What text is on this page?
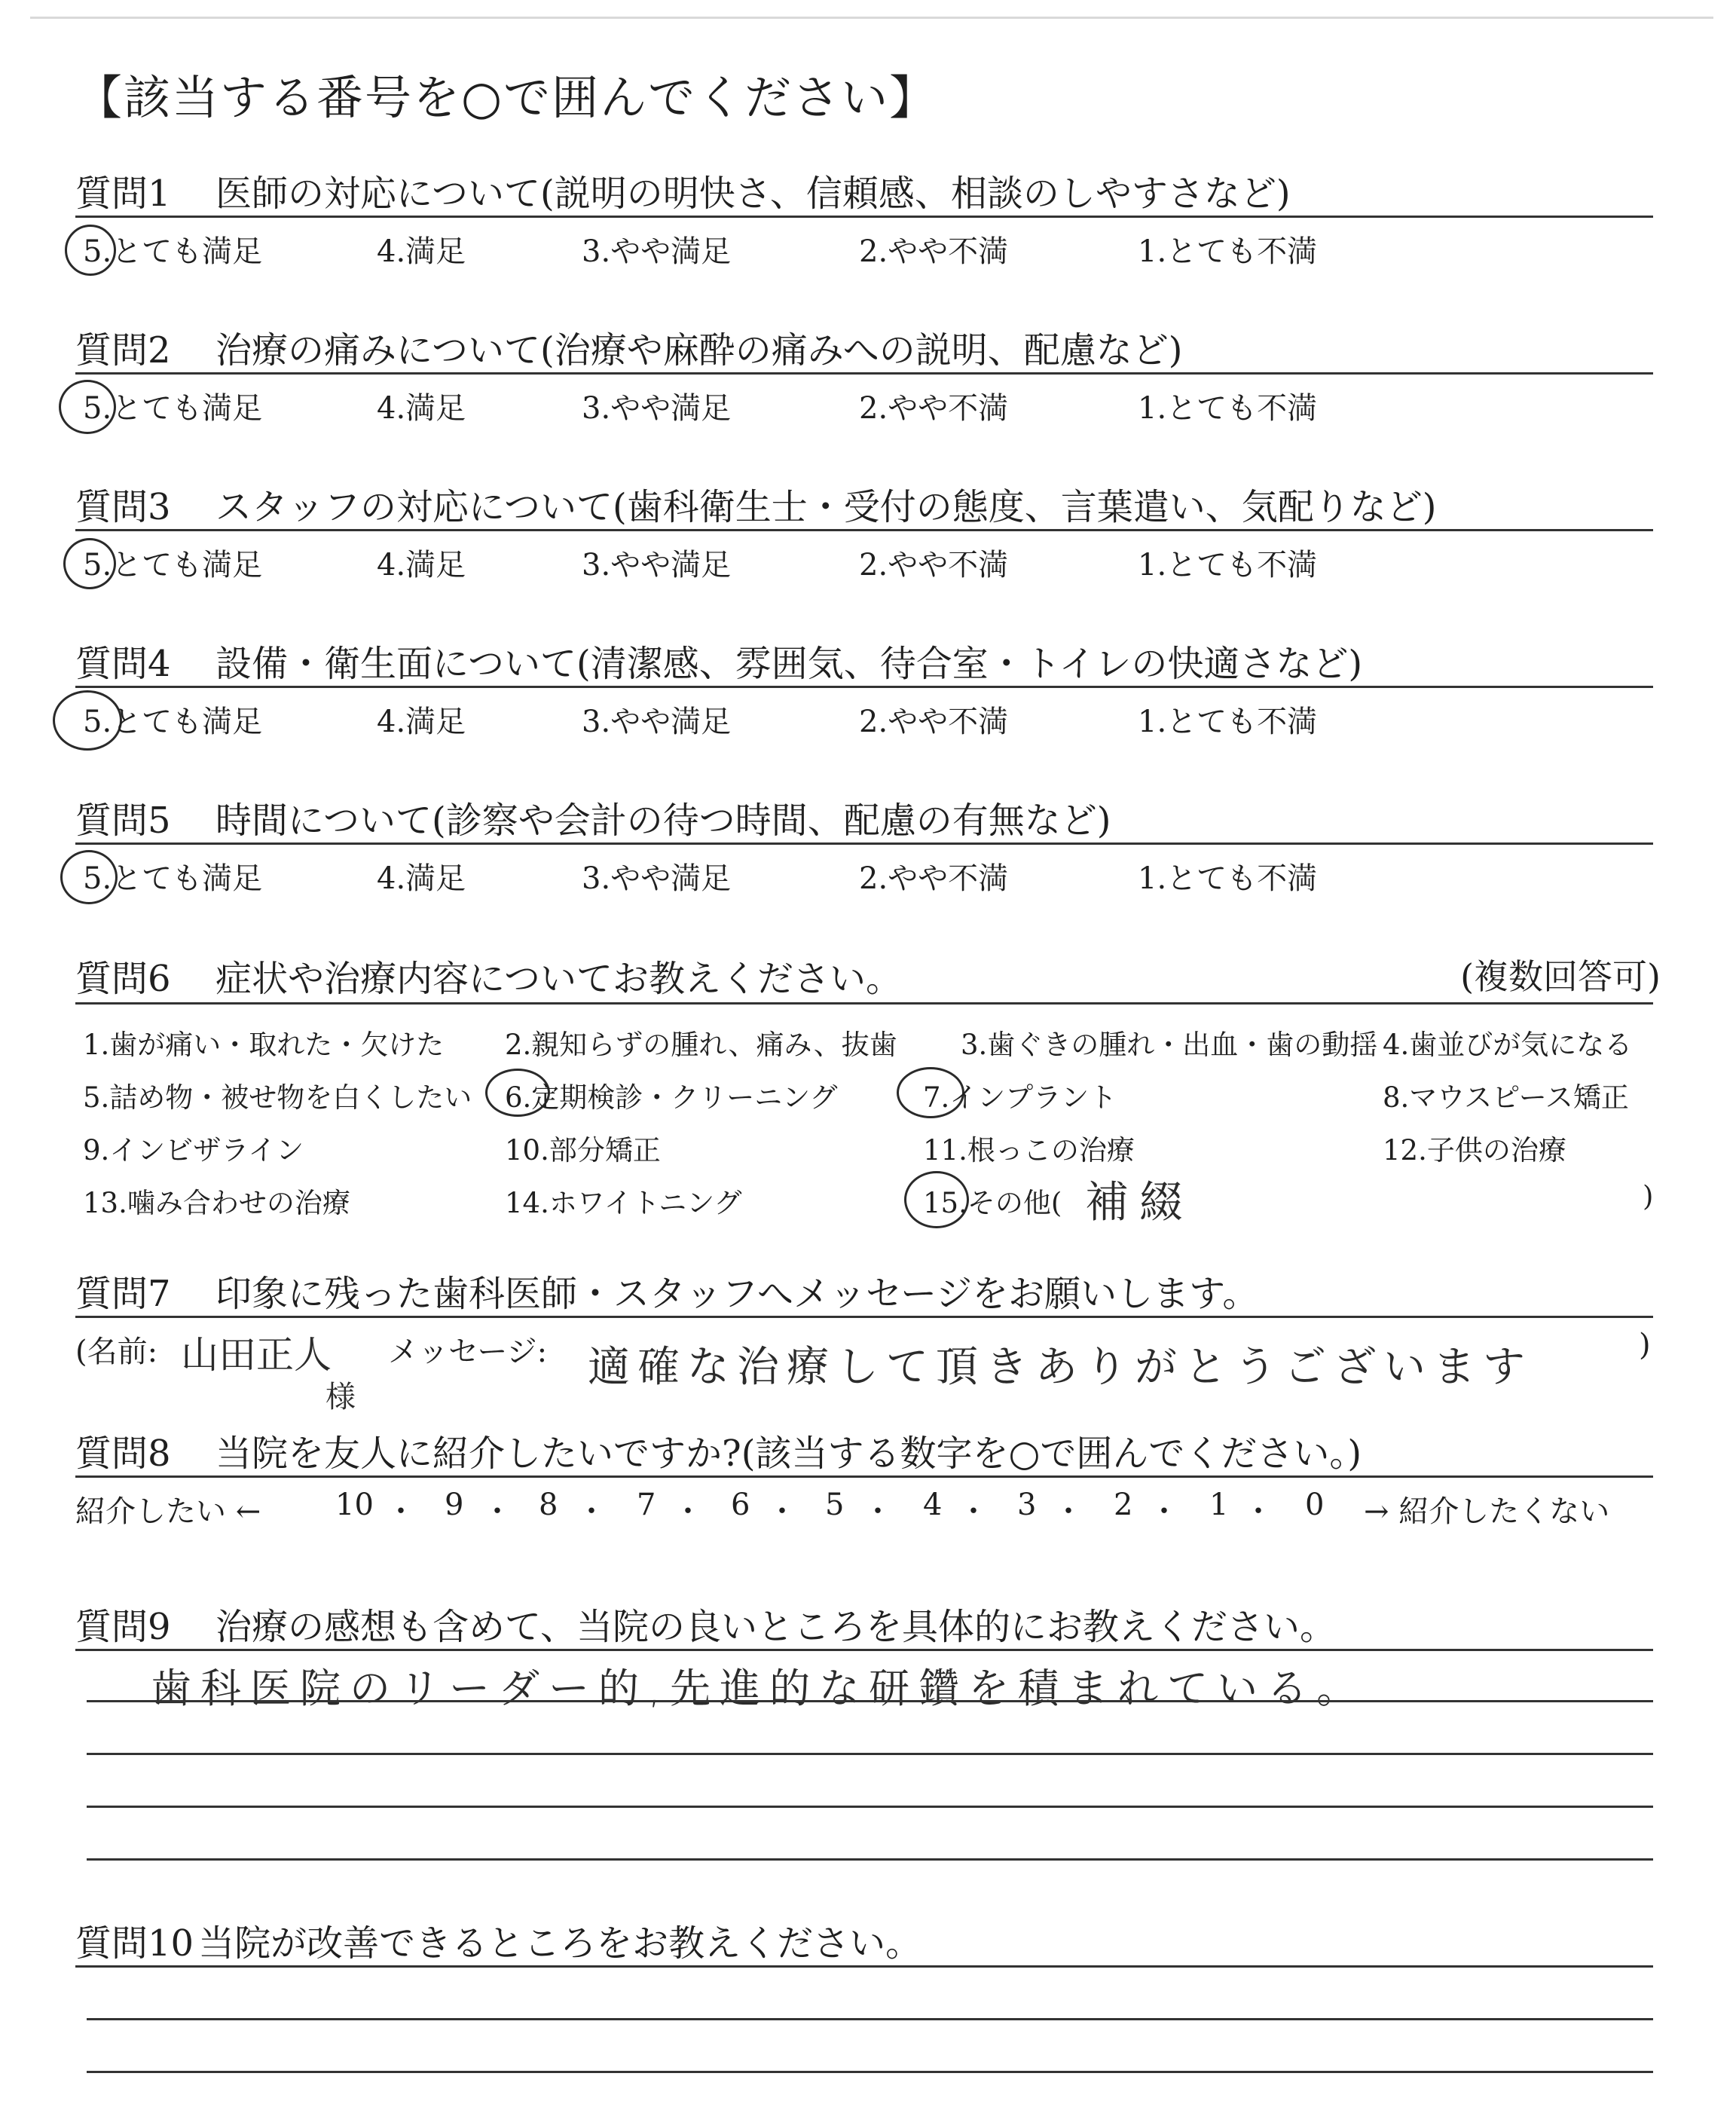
【該当する番号を○で囲んでください】
質問1 医師の対応について(説明の明快さ、信頼感、相談のしやすさなど)
5.とても満足	4.満足	3.やや満足	2.やや不満	1.とても不満
質問2 治療の痛みについて(治療や麻酔の痛みへの説明、配慮など)
5.とても満足	4.満足	3.やや満足	2.やや不満	1.とても不満
質問3 スタッフの対応について(歯科衛生士・受付の態度、言葉遣い、気配りなど)
5.とても満足	4.満足	3.やや満足	2.やや不満	1.とても不満
質問4 設備・衛生面について(清潔感、雰囲気、待合室・トイレの快適さなど)
5.とても満足	4.満足	3.やや満足	2.やや不満	1.とても不満
質問5 時間について(診察や会計の待つ時間、配慮の有無など)
5.とても満足	4.満足	3.やや満足	2.やや不満	1.とても不満
質問6 症状や治療内容についてお教えください。	(複数回答可)
1.歯が痛い・取れた・欠けた 2.親知らずの腫れ、痛み、抜歯 3.歯ぐきの腫れ・出血・歯の動揺 4.歯並びが気になる
5.詰め物・被せ物を白くしたい 6.定期検診・クリーニング	7.インプラント	8.マウスピース矯正
9.インビザライン	10.部分矯正	11.根っこの治療	12.子供の治療
13.噛み合わせの治療	14.ホワイトニング	15.その他( 補綴	)
質問7 印象に残った歯科医師・スタッフへメッセージをお願いします。
(名前: 山田正人
様
メッセージ: 適確な治療して頂きありがとうございます	)
質問8 当院を友人に紹介したいですか?(該当する数字を○で囲んでください。)
紹介したい ← 10 ・ 9 ・ 8 ・ 7 ・ 6 ・ 5 ・ 4 ・ 3 ・ 2 ・ 1 ・ 0 → 紹介したくない
質問9 治療の感想も含めて、当院の良いところを具体的にお教えください。
歯科医院のリーダー的,先進的な研鑽を積まれている。
質問10 当院が改善できるところをお教えください。
